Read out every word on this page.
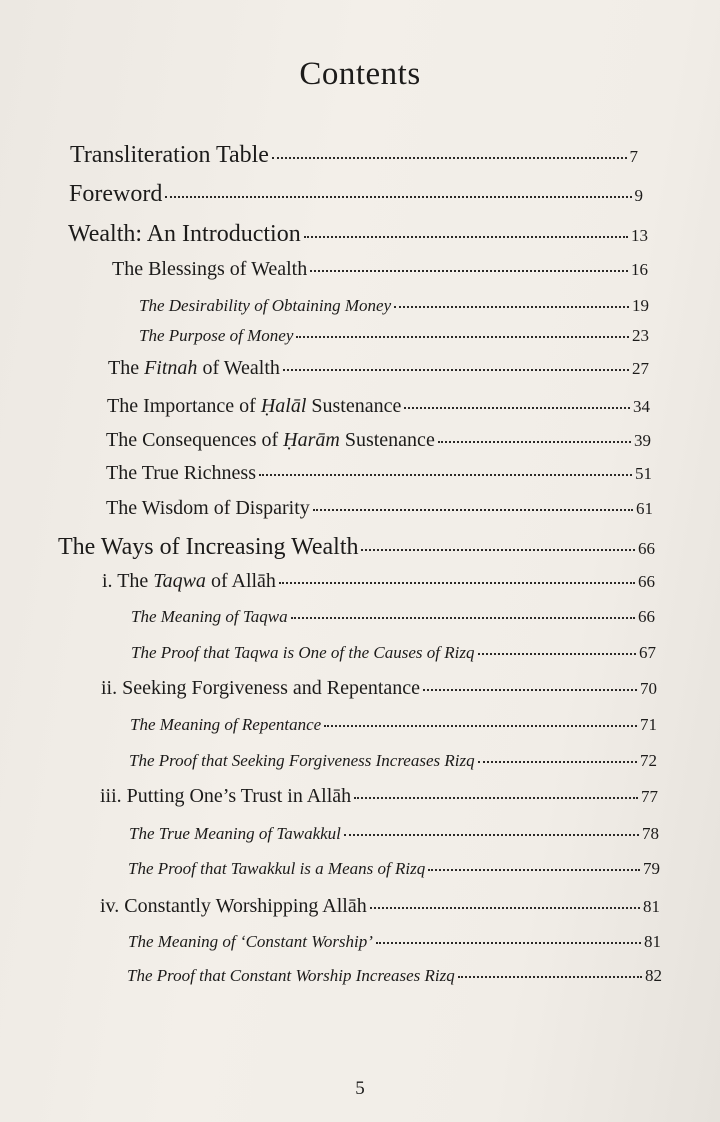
Contents
Transliteration Table	7
Foreword	9
Wealth: An Introduction	13
The Blessings of Wealth	16
The Desirability of Obtaining Money	19
The Purpose of Money	23
The Fitnah of Wealth	27
The Importance of Ḥalāl Sustenance	34
The Consequences of Ḥarām Sustenance	39
The True Richness	51
The Wisdom of Disparity	61
The Ways of Increasing Wealth	66
i. The Taqwa of Allāh	66
The Meaning of Taqwa	66
The Proof that Taqwa is One of the Causes of Rizq	67
ii. Seeking Forgiveness and Repentance	70
The Meaning of Repentance	71
The Proof that Seeking Forgiveness Increases Rizq	72
iii. Putting One’s Trust in Allāh	77
The True Meaning of Tawakkul	78
The Proof that Tawakkul is a Means of Rizq	79
iv. Constantly Worshipping Allāh	81
The Meaning of ‘Constant Worship’	81
The Proof that Constant Worship Increases Rizq	82
5
